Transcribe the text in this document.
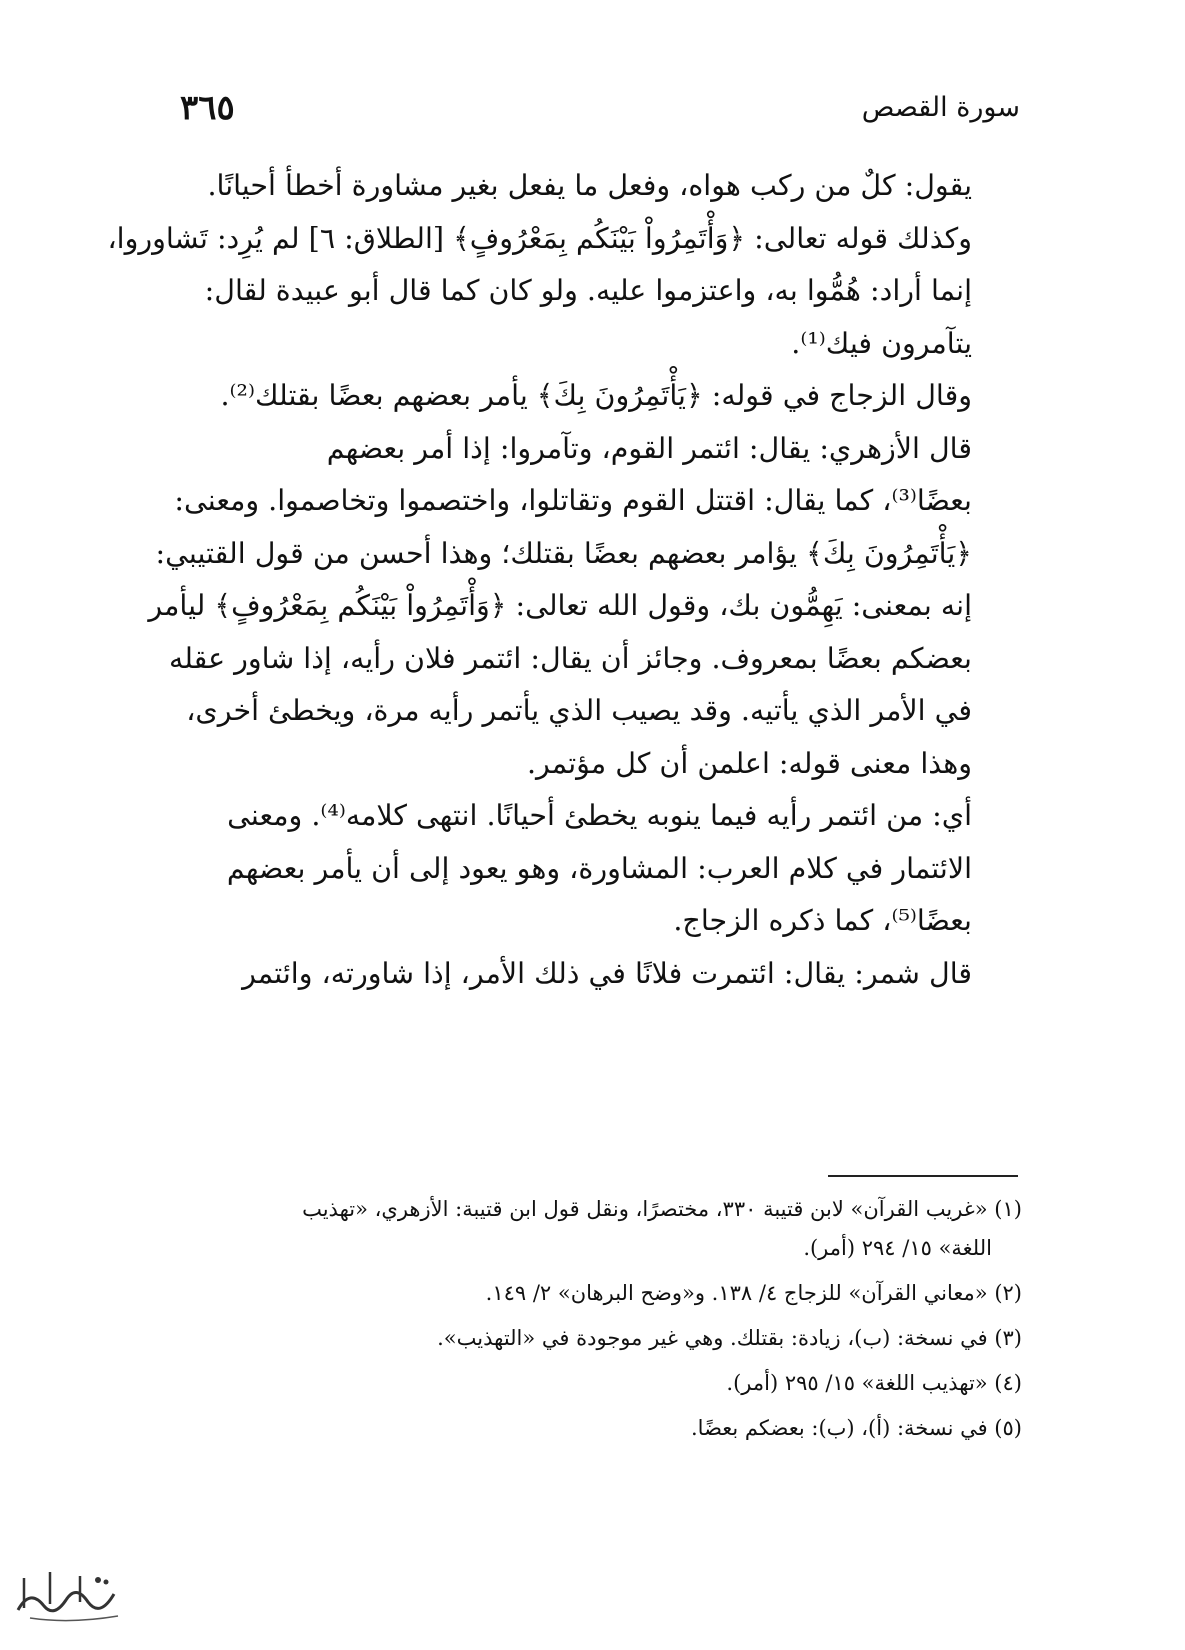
سورة القصص
٣٦٥

يقول: كلٌ من ركب هواه، وفعل ما يفعل بغير مشاورة أخطأ أحيانًا.
وكذلك قوله تعالى: ﴿وَأْتَمِرُواْ بَيْنَكُم بِمَعْرُوفٍ﴾ [الطلاق: ٦] لم يُرِد: تَشاوروا،
إنما أراد: هُمُّوا به، واعتزموا عليه. ولو كان كما قال أبو عبيدة لقال:
يتآمرون فيك⁽¹⁾.

وقال الزجاج في قوله: ﴿يَأْتَمِرُونَ بِكَ﴾ يأمر بعضهم بعضًا بقتلك⁽²⁾.

قال الأزهري: يقال: ائتمر القوم، وتآمروا: إذا أمر بعضهم
بعضًا⁽³⁾، كما يقال: اقتتل القوم وتقاتلوا، واختصموا وتخاصموا. ومعنى:
﴿يَأْتَمِرُونَ بِكَ﴾ يؤامر بعضهم بعضًا بقتلك؛ وهذا أحسن من قول القتيبي:
إنه بمعنى: يَهِمُّون بك، وقول الله تعالى: ﴿وَأْتَمِرُواْ بَيْنَكُم بِمَعْرُوفٍ﴾ ليأمر
بعضكم بعضًا بمعروف. وجائز أن يقال: ائتمر فلان رأيه، إذا شاور عقله
في الأمر الذي يأتيه. وقد يصيب الذي يأتمر رأيه مرة، ويخطئ أخرى،
وهذا معنى قوله: اعلمن أن كل مؤتمر.

أي: من ائتمر رأيه فيما ينوبه يخطئ أحيانًا. انتهى كلامه⁽⁴⁾. ومعنى
الائتمار في كلام العرب: المشاورة، وهو يعود إلى أن يأمر بعضهم
بعضًا⁽⁵⁾، كما ذكره الزجاج.

قال شمر: يقال: ائتمرت فلانًا في ذلك الأمر، إذا شاورته، وائتمر

(١) «غريب القرآن» لابن قتيبة ٣٣٠، مختصرًا، ونقل قول ابن قتيبة: الأزهري، «تهذيب
اللغة» ١٥/ ٢٩٤ (أمر).
(٢) «معاني القرآن» للزجاج ٤/ ١٣٨. و«وضح البرهان» ٢/ ١٤٩.
(٣) في نسخة: (ب)، زيادة: بقتلك. وهي غير موجودة في «التهذيب».
(٤) «تهذيب اللغة» ١٥/ ٢٩٥ (أمر).
(٥) في نسخة: (أ)، (ب): بعضكم بعضًا.
